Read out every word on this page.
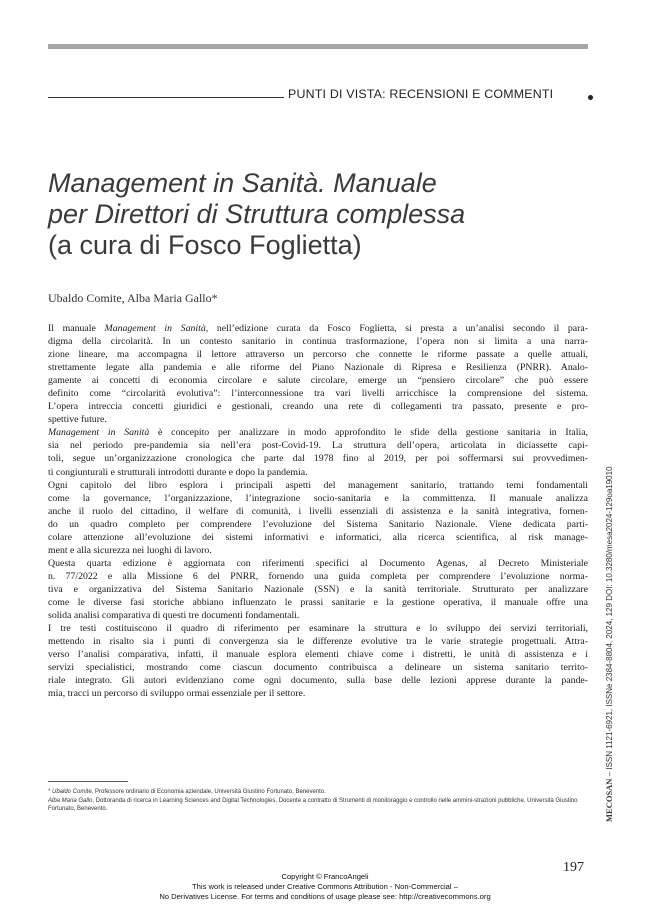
PUNTI DI VISTA: RECENSIONI E COMMENTI
Management in Sanità. Manuale
per Direttori di Struttura complessa
(a cura di Fosco Foglietta)
Ubaldo Comite, Alba Maria Gallo*
Il manuale Management in Sanità, nell’edizione curata da Fosco Foglietta, si presta a un’analisi secondo il para-
digma della circolarità. In un contesto sanitario in continua trasformazione, l’opera non si limita a una narra-
zione lineare, ma accompagna il lettore attraverso un percorso che connette le riforme passate a quelle attuali,
strettamente legate alla pandemia e alle riforme del Piano Nazionale di Ripresa e Resilienza (PNRR). Analo-
gamente ai concetti di economia circolare e salute circolare, emerge un “pensiero circolare” che può essere
definito come “circolarità evolutiva”: l’interconnessione tra vari livelli arricchisce la comprensione del sistema.
L’opera intreccia concetti giuridici e gestionali, creando una rete di collegamenti tra passato, presente e pro-
spettive future.
Management in Sanità è concepito per analizzare in modo approfondito le sfide della gestione sanitaria in Italia,
sia nel periodo pre-pandemia sia nell’era post-Covid-19. La struttura dell’opera, articolata in diciassette capi-
toli, segue un’organizzazione cronologica che parte dal 1978 fino al 2019, per poi soffermarsi sui provvedimen-
ti congiunturali e strutturali introdotti durante e dopo la pandemia.
Ogni capitolo del libro esplora i principali aspetti del management sanitario, trattando temi fondamentali
come la governance, l’organizzazione, l’integrazione socio-sanitaria e la committenza. Il manuale analizza
anche il ruolo del cittadino, il welfare di comunità, i livelli essenziali di assistenza e la sanità integrativa, fornen-
do un quadro completo per comprendere l’evoluzione del Sistema Sanitario Nazionale. Viene dedicata parti-
colare attenzione all’evoluzione dei sistemi informativi e informatici, alla ricerca scientifica, al risk manage-
ment e alla sicurezza nei luoghi di lavoro.
Questa quarta edizione è aggiornata con riferimenti specifici al Documento Agenas, al Decreto Ministeriale
n. 77/2022 e alla Missione 6 del PNRR, fornendo una guida completa per comprendere l’evoluzione norma-
tiva e organizzativa del Sistema Sanitario Nazionale (SSN) e la sanità territoriale. Strutturato per analizzare
come le diverse fasi storiche abbiano influenzato le prassi sanitarie e la gestione operativa, il manuale offre una
solida analisi comparativa di questi tre documenti fondamentali.
I tre testi costituiscono il quadro di riferimento per esaminare la struttura e lo sviluppo dei servizi territoriali,
mettendo in risalto sia i punti di convergenza sia le differenze evolutive tra le varie strategie progettuali. Attra-
verso l’analisi comparativa, infatti, il manuale esplora elementi chiave come i distretti, le unità di assistenza e i
servizi specialistici, mostrando come ciascun documento contribuisca a delineare un sistema sanitario territo-
riale integrato. Gli autori evidenziano come ogni documento, sulla base delle lezioni apprese durante la pande-
mia, tracci un percorso di sviluppo ormai essenziale per il settore.
* Ubaldo Comite, Professore ordinario di Economia aziendale, Università Giustino Fortunato, Benevento.
Alba Maria Gallo, Dottoranda di ricerca in Learning Sciences and Digital Technologies, Docente a contratto di Strumenti di monitoraggio e controllo nelle ammini-strazioni pubbliche, Università Giustino Fortunato, Benevento.	MECOSAN – ISSN 1121-6921, ISSNe 2384-8804, 2024, 129 DOI: 10.3280/mesa2024-129oa19010
197
Copyright © FrancoAngeli
This work is released under Creative Commons Attribution - Non-Commercial –
No Derivatives License. For terms and conditions of usage please see: http://creativecommons.org
